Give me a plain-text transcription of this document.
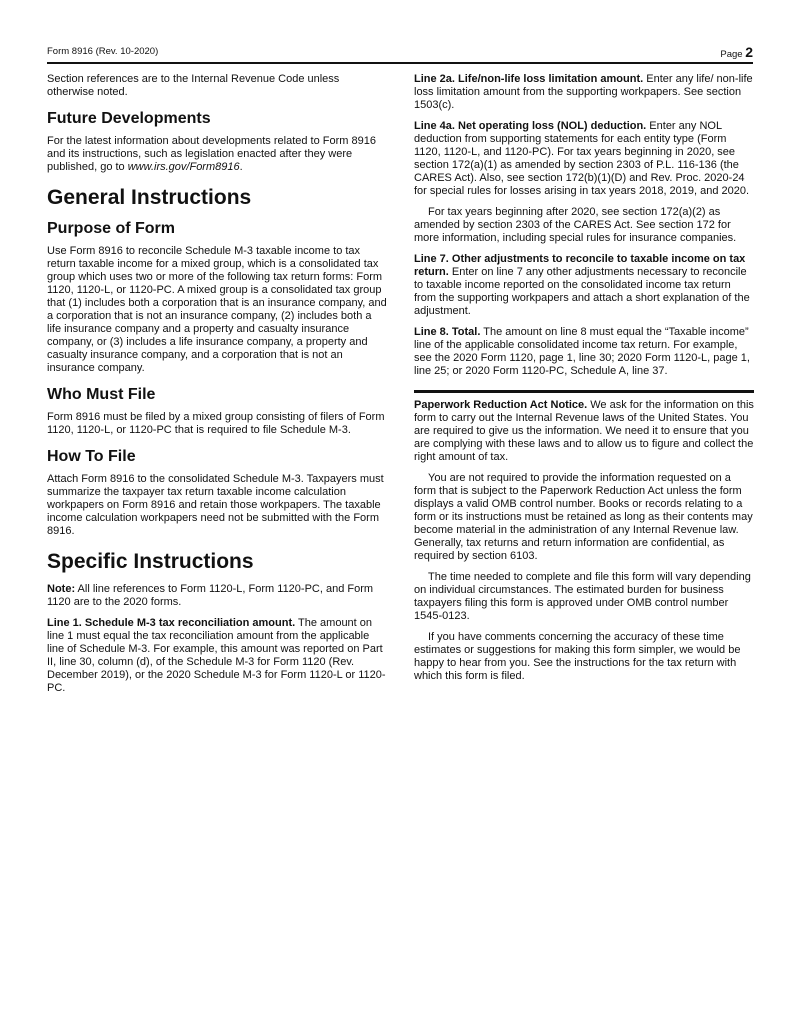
Form 8916 (Rev. 10-2020)	Page 2

Section references are to the Internal Revenue Code unless otherwise noted.

Future Developments

For the latest information about developments related to Form 8916 and its instructions, such as legislation enacted after they were published, go to www.irs.gov/Form8916.

General Instructions
Purpose of Form

Use Form 8916 to reconcile Schedule M-3 taxable income to tax return taxable income for a mixed group, which is a consolidated tax group which uses two or more of the following tax return forms: Form 1120, 1120-L, or 1120-PC. A mixed group is a consolidated tax group that (1) includes both a corporation that is an insurance company, and a corporation that is not an insurance company, (2) includes both a life insurance company and a property and casualty insurance company, or (3) includes a life insurance company, a property and casualty insurance company, and a corporation that is not an insurance company.

Who Must File

Form 8916 must be filed by a mixed group consisting of filers of Form 1120, 1120-L, or 1120-PC that is required to file Schedule M-3.

How To File

Attach Form 8916 to the consolidated Schedule M-3. Taxpayers must summarize the taxpayer tax return taxable income calculation workpapers on Form 8916 and retain those workpapers. The taxable income calculation workpapers need not be submitted with the Form 8916.

Specific Instructions

Note: All line references to Form 1120-L, Form 1120-PC, and Form 1120 are to the 2020 forms.

Line 1. Schedule M-3 tax reconciliation amount. The amount on line 1 must equal the tax reconciliation amount from the applicable line of Schedule M-3. For example, this amount was reported on Part II, line 30, column (d), of the Schedule M-3 for Form 1120 (Rev. December 2019), or the 2020 Schedule M-3 for Form 1120-L or 1120-PC.

Line 2a. Life/non-life loss limitation amount. Enter any life/ non-life loss limitation amount from the supporting workpapers. See section 1503(c).

Line 4a. Net operating loss (NOL) deduction. Enter any NOL deduction from supporting statements for each entity type (Form 1120, 1120-L, and 1120-PC). For tax years beginning in 2020, see section 172(a)(1) as amended by section 2303 of P.L. 116-136 (the CARES Act). Also, see section 172(b)(1)(D) and Rev. Proc. 2020-24 for special rules for losses arising in tax years 2018, 2019, and 2020.

For tax years beginning after 2020, see section 172(a)(2) as amended by section 2303 of the CARES Act. See section 172 for more information, including special rules for insurance companies.

Line 7. Other adjustments to reconcile to taxable income on tax return. Enter on line 7 any other adjustments necessary to reconcile to taxable income reported on the consolidated income tax return from the supporting workpapers and attach a short explanation of the adjustment.

Line 8. Total. The amount on line 8 must equal the “Taxable income” line of the applicable consolidated income tax return. For example, see the 2020 Form 1120, page 1, line 30; 2020 Form 1120-L, page 1, line 25; or 2020 Form 1120-PC, Schedule A, line 37.

Paperwork Reduction Act Notice. We ask for the information on this form to carry out the Internal Revenue laws of the United States. You are required to give us the information. We need it to ensure that you are complying with these laws and to allow us to figure and collect the right amount of tax.

You are not required to provide the information requested on a form that is subject to the Paperwork Reduction Act unless the form displays a valid OMB control number. Books or records relating to a form or its instructions must be retained as long as their contents may become material in the administration of any Internal Revenue law. Generally, tax returns and return information are confidential, as required by section 6103.

The time needed to complete and file this form will vary depending on individual circumstances. The estimated burden for business taxpayers filing this form is approved under OMB control number 1545-0123.

If you have comments concerning the accuracy of these time estimates or suggestions for making this form simpler, we would be happy to hear from you. See the instructions for the tax return with which this form is filed.
